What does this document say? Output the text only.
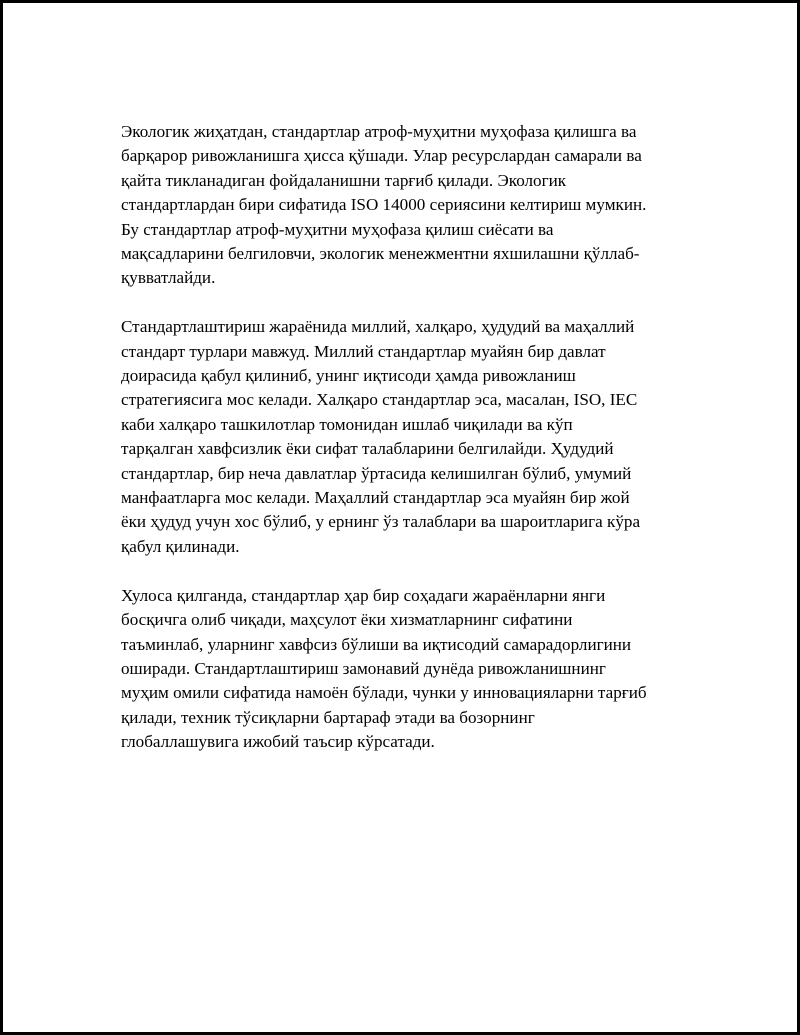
Экологик жиҳатдан, стандартлар атроф-муҳитни муҳофаза қилишга ва
барқарор ривожланишга ҳисса қўшади. Улар ресурслардан самарали ва
қайта тикланадиган фойдаланишни тарғиб қилади. Экологик
стандартлардан бири сифатида ISO 14000 сериясини келтириш мумкин.
Бу стандартлар атроф-муҳитни муҳофаза қилиш сиёсати ва
мақсадларини белгиловчи, экологик менежментни яхшилашни қўллаб-
қувватлайди.

Стандартлаштириш жараёнида миллий, халқаро, ҳудудий ва маҳаллий
стандарт турлари мавжуд. Миллий стандартлар муайян бир давлат
доирасида қабул қилиниб, унинг иқтисоди ҳамда ривожланиш
стратегиясига мос келади. Халқаро стандартлар эса, масалан, ISO, IEC
каби халқаро ташкилотлар томонидан ишлаб чиқилади ва кўп
тарқалган хавфсизлик ёки сифат талабларини белгилайди. Ҳудудий
стандартлар, бир неча давлатлар ўртасида келишилган бўлиб, умумий
манфаатларга мос келади. Маҳаллий стандартлар эса муайян бир жой
ёки ҳудуд учун хос бўлиб, у ернинг ўз талаблари ва шароитларига кўра
қабул қилинади.

Хулоса қилганда, стандартлар ҳар бир соҳадаги жараёнларни янги
босқичга олиб чиқади, маҳсулот ёки хизматларнинг сифатини
таъминлаб, уларнинг хавфсиз бўлиши ва иқтисодий самарадорлигини
оширади. Стандартлаштириш замонавий дунёда ривожланишнинг
муҳим омили сифатида намоён бўлади, чунки у инновацияларни тарғиб
қилади, техник тўсиқларни бартараф этади ва бозорнинг
глобаллашувига ижобий таъсир кўрсатади.
